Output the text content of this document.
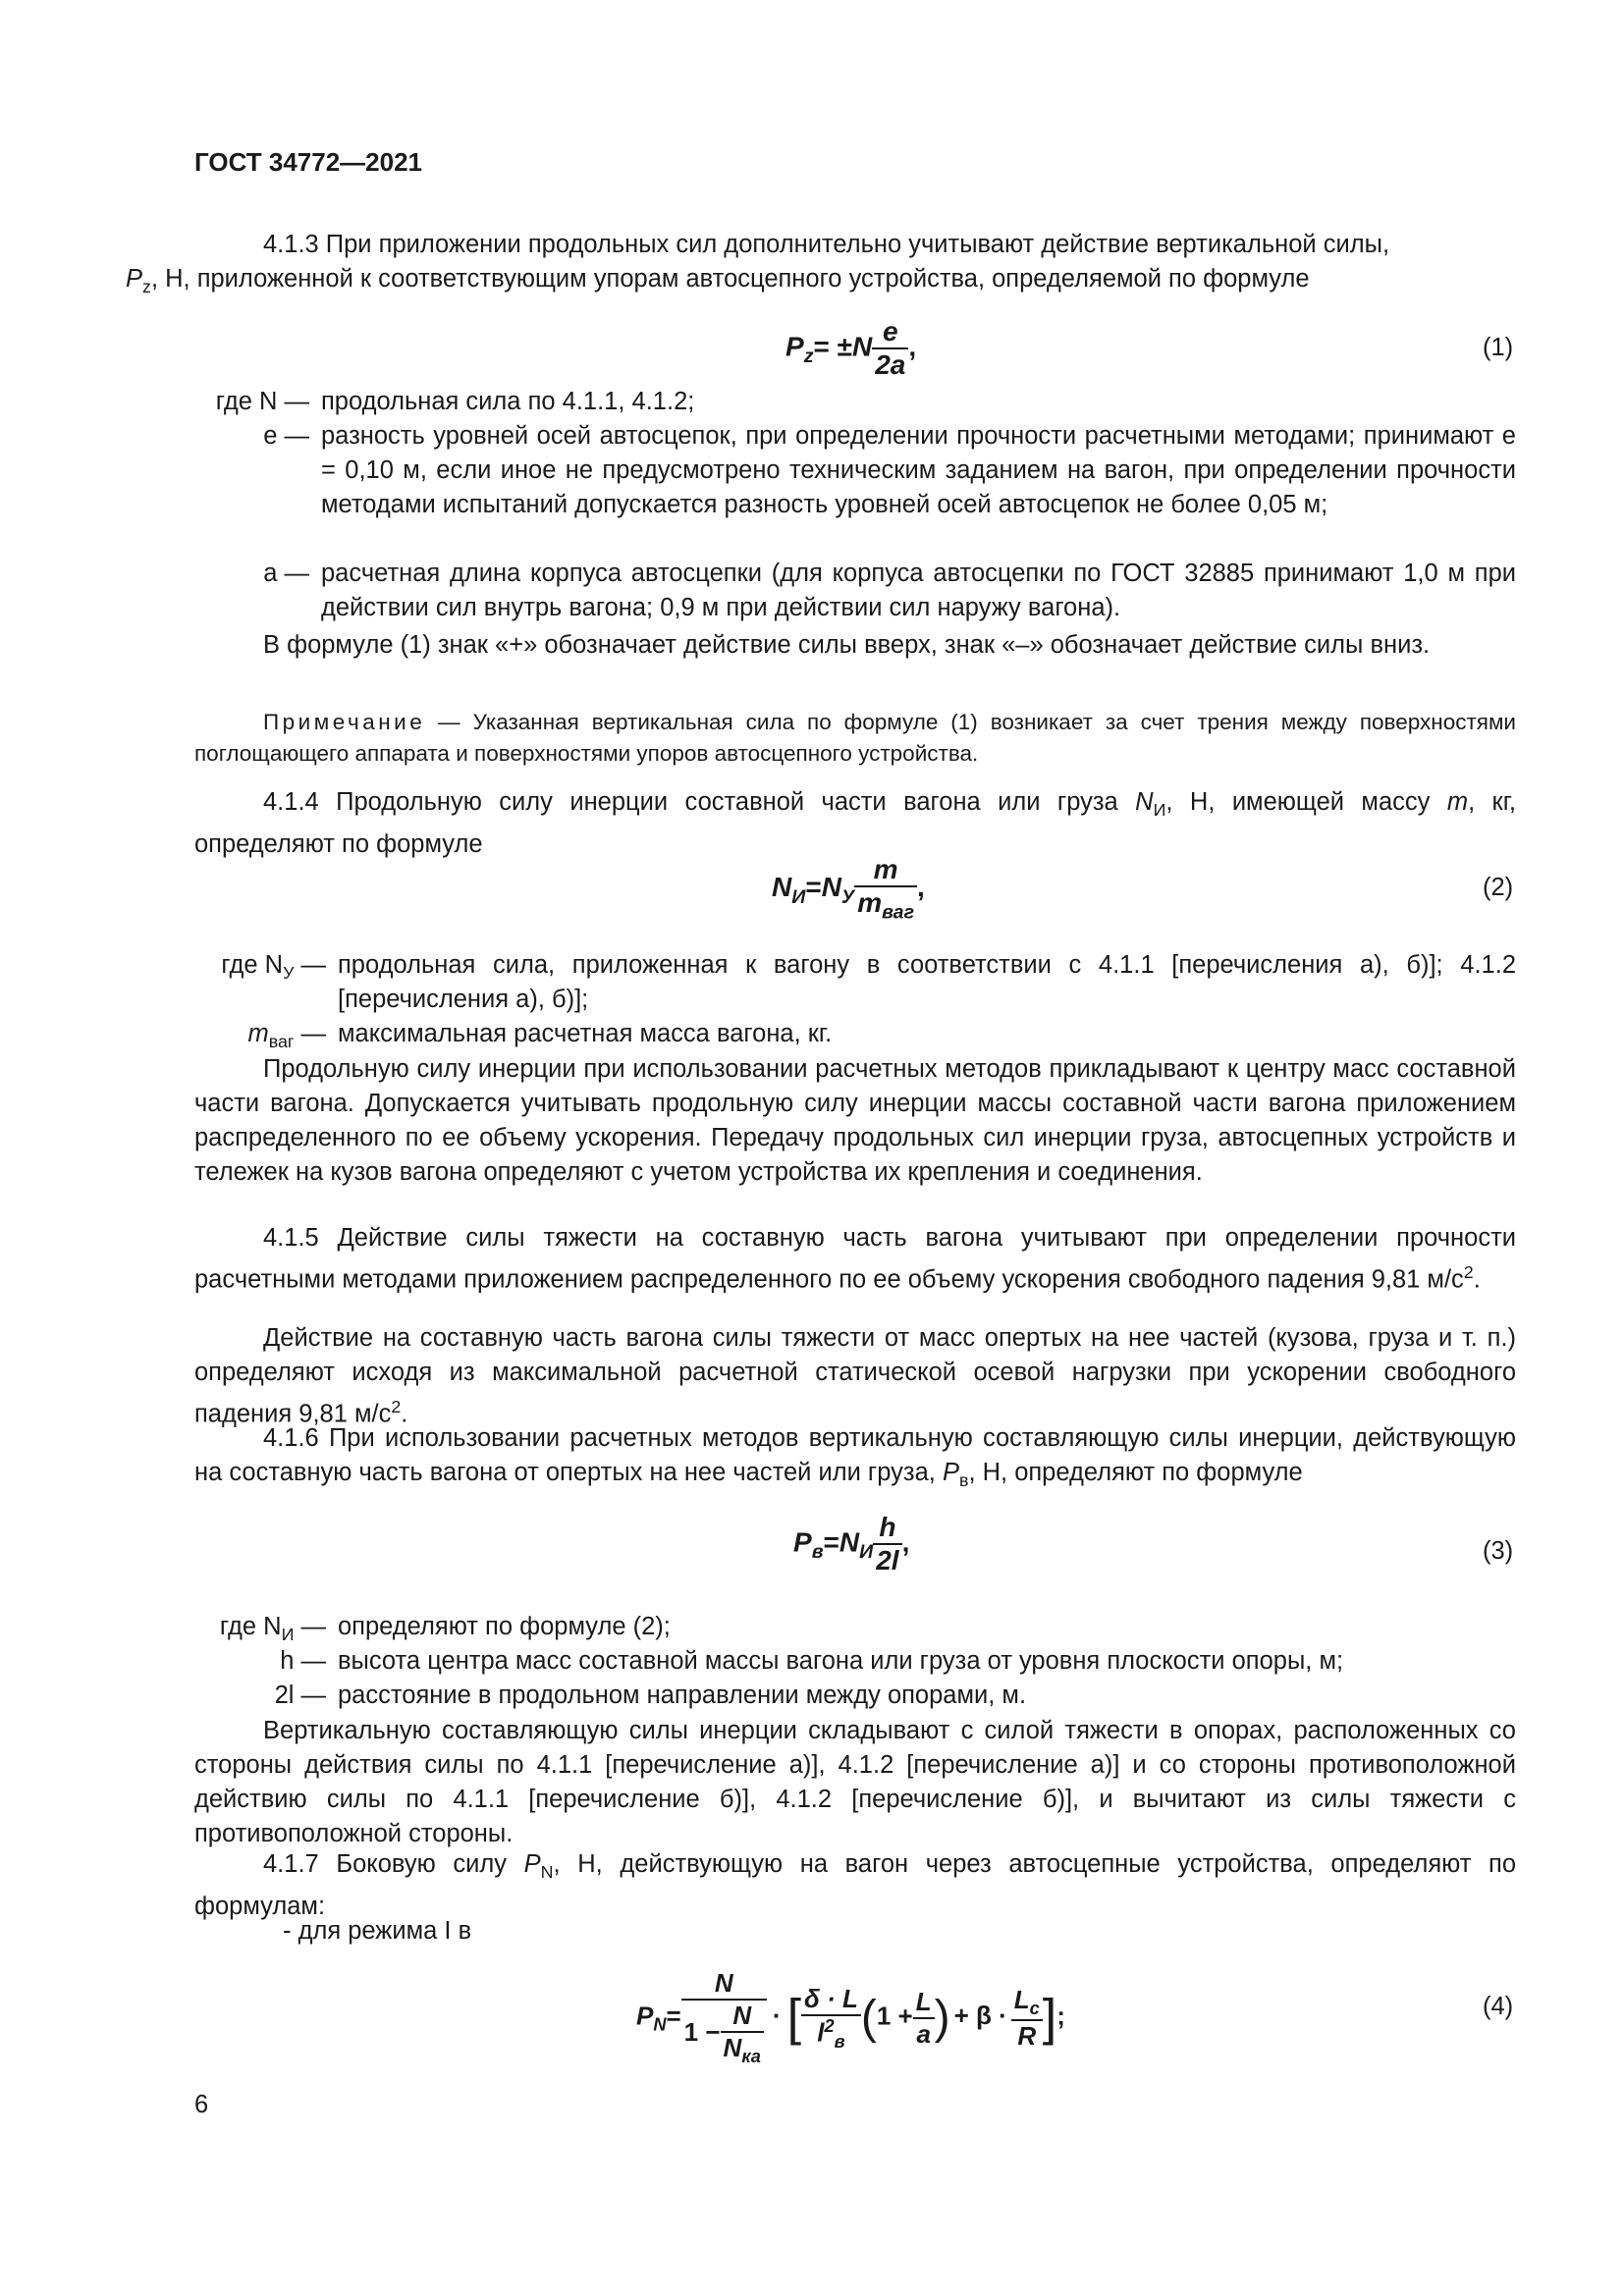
ГОСТ 34772—2021
4.1.3 При приложении продольных сил дополнительно учитывают действие вертикальной силы,
$P_z$, Н, приложенной к соответствующим упорам автосцепного устройства, определяемой по формуле
$P_z= \pm N \frac{e}{2a}$ ,	(1)
где N — продольная сила по 4.1.1, 4.1.2;
e — разность уровней осей автосцепок, при определении прочности расчетными методами; принимают e = 0,10 м, если иное не предусмотрено техническим заданием на вагон, при определении прочности методами испытаний допускается разность уровней осей автосцепок не более 0,05 м;
a — расчетная длина корпуса автосцепки (для корпуса автосцепки по ГОСТ 32885 принимают 1,0 м при действии сил внутрь вагона; 0,9 м при действии сил наружу вагона).
В формуле (1) знак «+» обозначает действие силы вверх, знак «–» обозначает действие силы вниз.
Примечание — Указанная вертикальная сила по формуле (1) возникает за счет трения между поверхностями поглощающего аппарата и поверхностями упоров автосцепного устройства.
4.1.4 Продольную силу инерции составной части вагона или груза $N_И$, Н, имеющей массу m, кг, определяют по формуле
$N_И=N_У \frac{m}{m_{ваг}}$ ,	(2)
где $N_У$ — продольная сила, приложенная к вагону в соответствии с 4.1.1 [перечисления а), б)]; 4.1.2 [перечисления а), б)];
$m_{ваг}$ — максимальная расчетная масса вагона, кг.
Продольную силу инерции при использовании расчетных методов прикладывают к центру масс составной части вагона. Допускается учитывать продольную силу инерции массы составной части вагона приложением распределенного по ее объему ускорения. Передачу продольных сил инерции груза, автосцепных устройств и тележек на кузов вагона определяют с учетом устройства их крепления и соединения.
4.1.5 Действие силы тяжести на составную часть вагона учитывают при определении прочности расчетными методами приложением распределенного по ее объему ускорения свободного падения 9,81 $м/с^2$.
Действие на составную часть вагона силы тяжести от масс опертых на нее частей (кузова, груза и т. п.) определяют исходя из максимальной расчетной статической осевой нагрузки при ускорении свободного падения 9,81 $м/с^2$.
4.1.6 При использовании расчетных методов вертикальную составляющую силы инерции, действующую на составную часть вагона от опертых на нее частей или груза, $P_в$, Н, определяют по формуле
$P_в=N_И \frac{h}{2l}$ ,	(3)
где $N_И$ — определяют по формуле (2);
h — высота центра масс составной массы вагона или груза от уровня плоскости опоры, м;
2l — расстояние в продольном направлении между опорами, м.
Вертикальную составляющую силы инерции складывают с силой тяжести в опорах, расположенных со стороны действия силы по 4.1.1 [перечисление а)], 4.1.2 [перечисление а)] и со стороны противоположной действию силы по 4.1.1 [перечисление б)], 4.1.2 [перечисление б)], и вычитают из силы тяжести с противоположной стороны.
4.1.7 Боковую силу $P_N$, Н, действующую на вагон через автосцепные устройства, определяют по формулам:
- для режима I в
$P_N= \frac{N}{1 - \frac{N}{N_{ка}}}$ · [ $\frac{\delta \cdot L}{l^2_в} (1 + \frac{L}{a}$ ) + $\beta \cdot \frac{L_c}{R}$ ];	(4)
6
